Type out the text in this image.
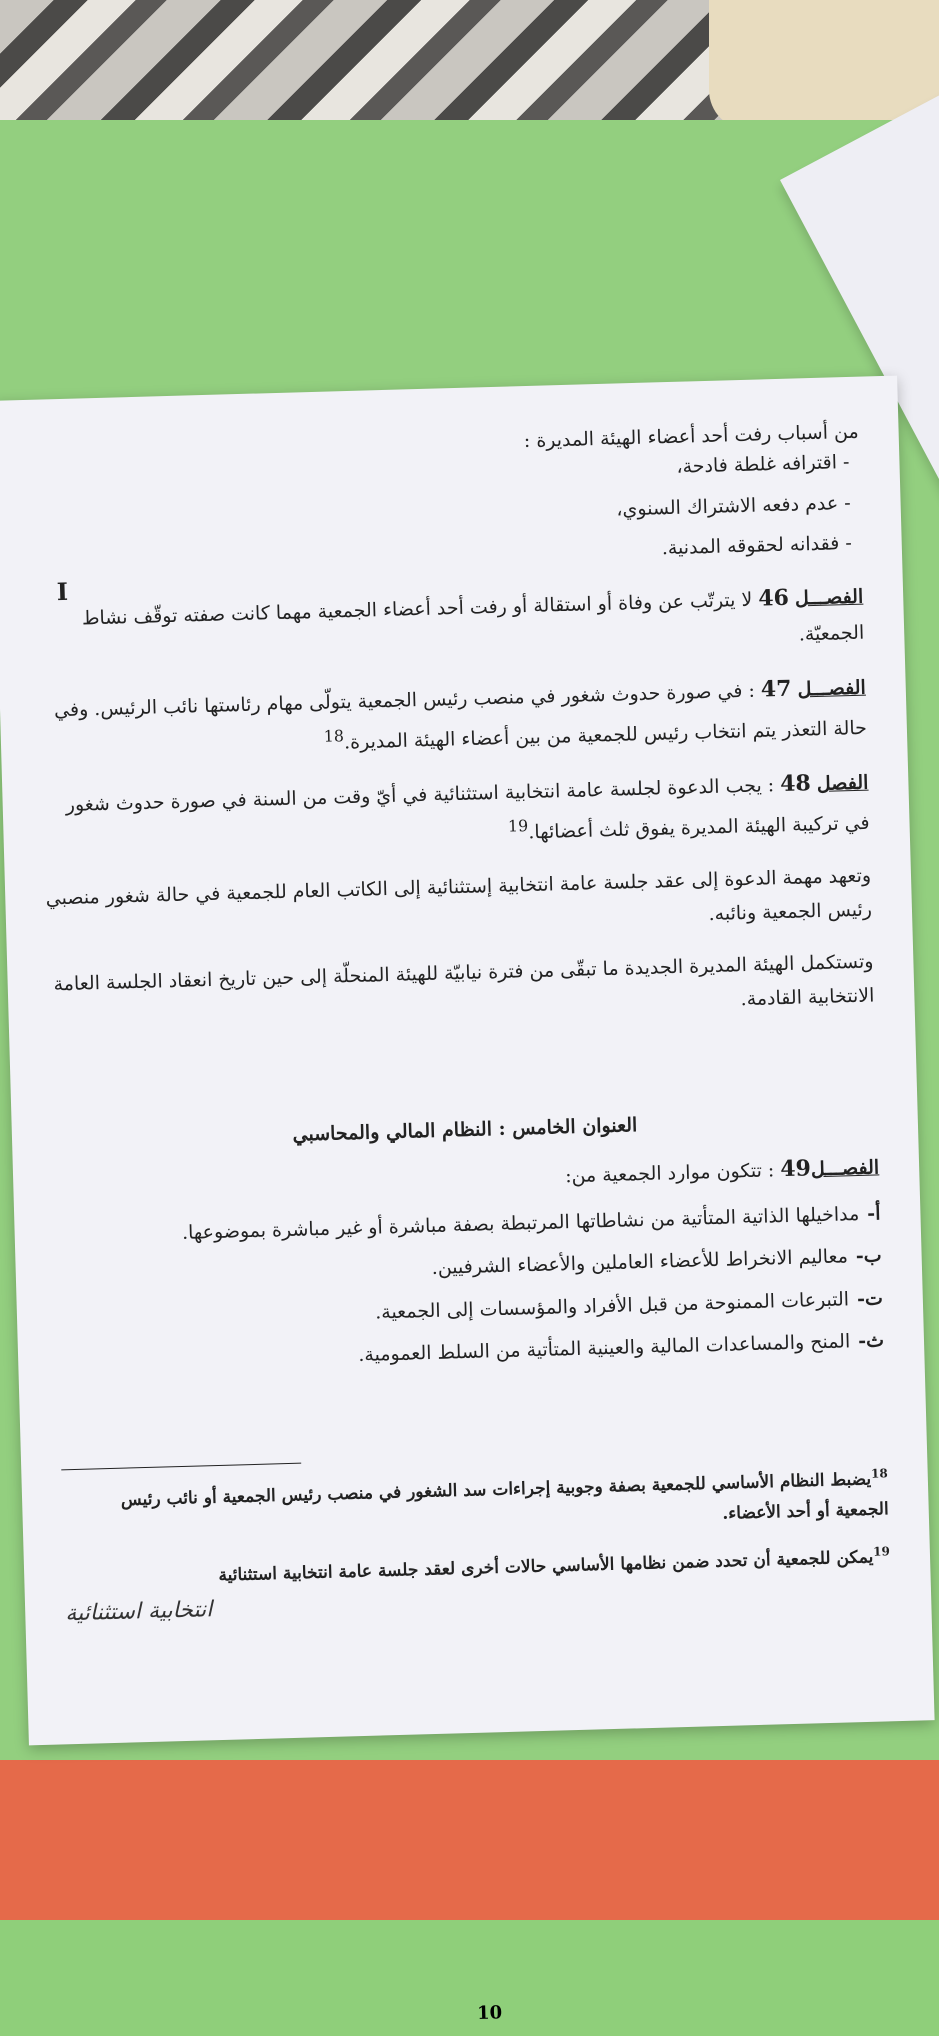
I

من أسباب رفت أحد أعضاء الهيئة المديرة :

- اقترافه غلطة فادحة،

- عدم دفعه الاشتراك السنوي،

- فقدانه لحقوقه المدنية.

الفصـــل 46 لا يترتّب عن وفاة أو استقالة أو رفت أحد أعضاء الجمعية مهما كانت صفته توقّف نشاط الجمعيّة.

الفصـــل 47 : في صورة حدوث شغور في منصب رئيس الجمعية يتولّى مهام رئاستها نائب الرئيس. وفي حالة التعذر يتم انتخاب رئيس للجمعية من بين أعضاء الهيئة المديرة.$^{18}$

الفصل 48 : يجب الدعوة لجلسة عامة انتخابية استثنائية في أيّ وقت من السنة في صورة حدوث شغور في تركيبة الهيئة المديرة يفوق ثلث أعضائها.$^{19}$

وتعهد مهمة الدعوة إلى عقد جلسة عامة انتخابية إستثنائية إلى الكاتب العام للجمعية في حالة شغور منصبي رئيس الجمعية ونائبه.

وتستكمل الهيئة المديرة الجديدة ما تبقّى من فترة نيابيّة للهيئة المنحلّة إلى حين تاريخ انعقاد الجلسة العامة الانتخابية القادمة.

العنوان الخامس : النظام المالي والمحاسبي

الفصـــل49 : تتكون موارد الجمعية من:

أ-مداخيلها الذاتية المتأتية من نشاطاتها المرتبطة بصفة مباشرة أو غير مباشرة بموضوعها.

ب-معاليم الانخراط للأعضاء العاملين والأعضاء الشرفيين.

ت-التبرعات الممنوحة من قبل الأفراد والمؤسسات إلى الجمعية.

ث-المنح والمساعدات المالية والعينية المتأتية من السلط العمومية.

$^{18}$يضبط النظام الأساسي للجمعية بصفة وجوبية إجراءات سد الشغور في منصب رئيس الجمعية أو نائب رئيس الجمعية أو أحد الأعضاء.

$^{19}$يمكن للجمعية أن تحدد ضمن نظامها الأساسي حالات أخرى لعقد جلسة عامة انتخابية استثنائية

انتخابية استثنائية
10
